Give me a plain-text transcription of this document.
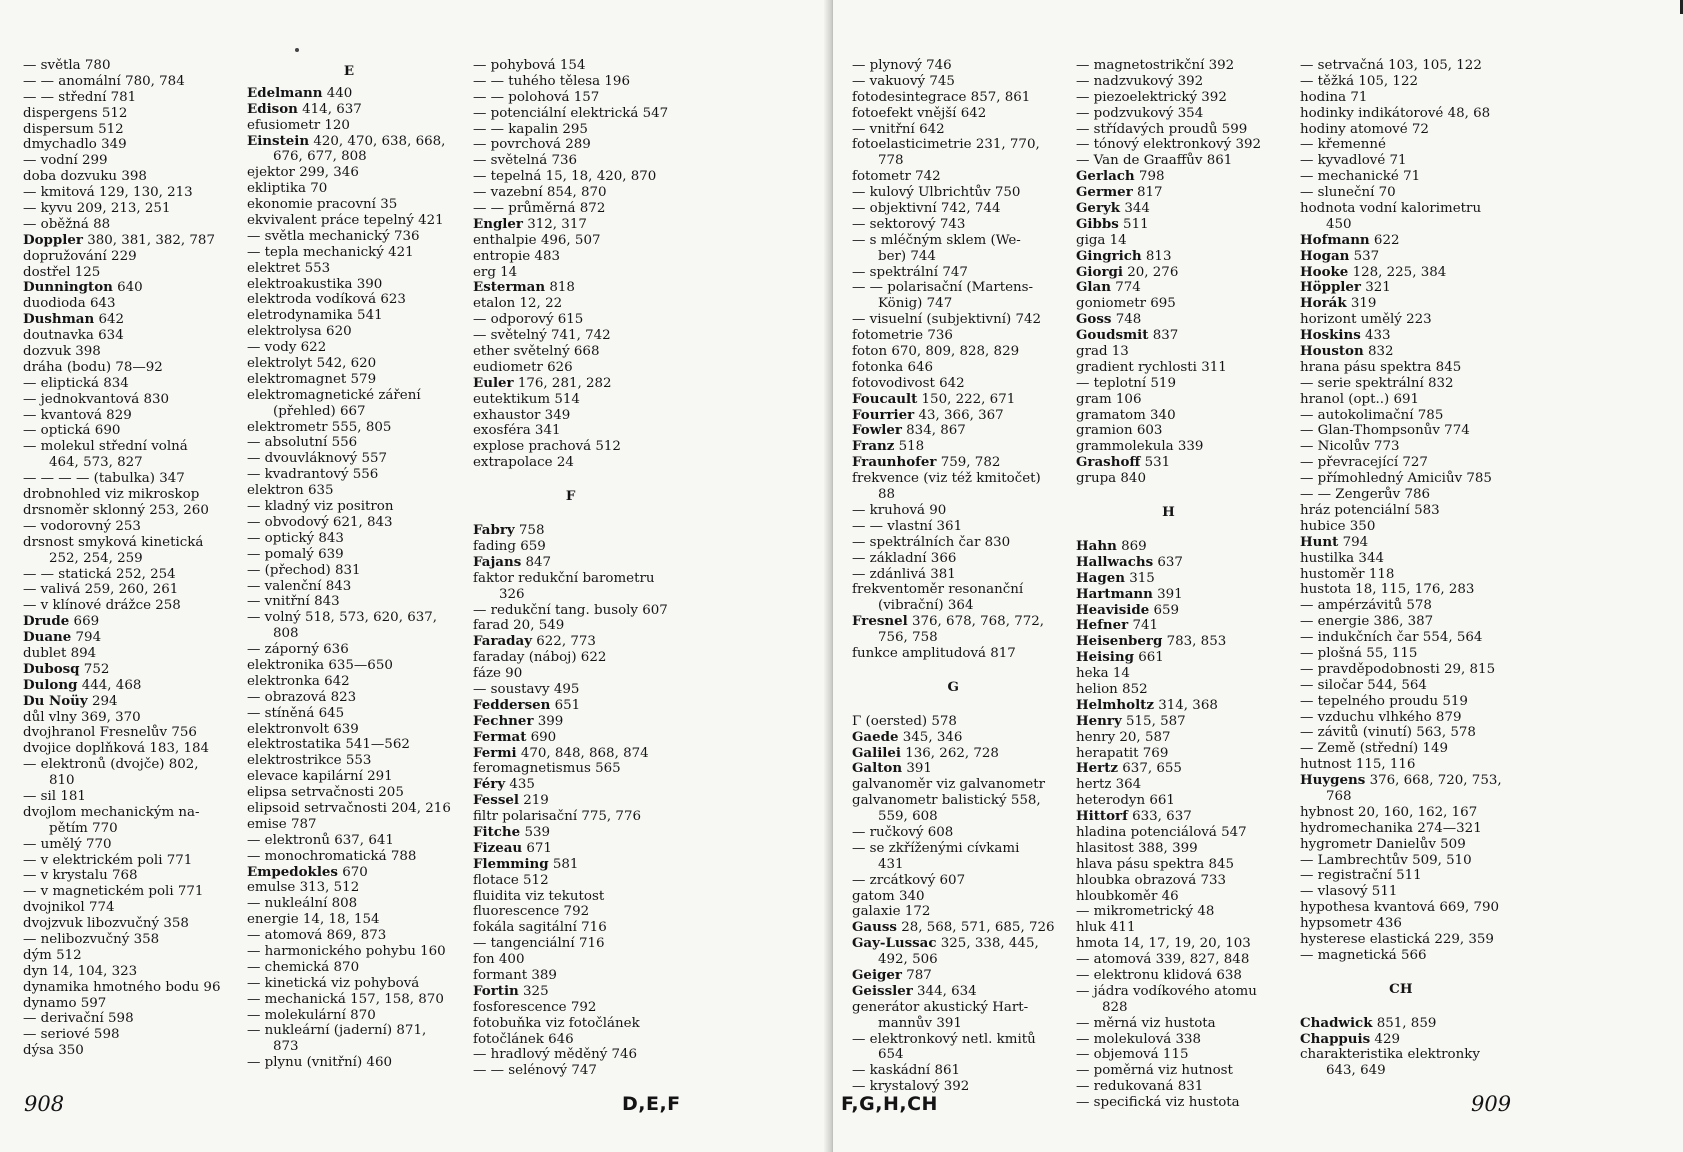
— světla 780
— — anomální 780, 784
— — střední 781
dispergens 512
dispersum 512
dmychadlo 349
— vodní 299
doba dozvuku 398
— kmitová 129, 130, 213
— kyvu 209, 213, 251
— oběžná 88
Doppler 380, 381, 382, 787
dopružování 229
dostřel 125
Dunnington 640
duodioda 643
Dushman 642
doutnavka 634
dozvuk 398
dráha (bodu) 78—92
— eliptická 834
— jednokvantová 830
— kvantová 829
— optická 690
— molekul střední volná
464, 573, 827
— — — — (tabulka) 347
drobnohled viz mikroskop
drsnoměr sklonný 253, 260
— vodorovný 253
drsnost smyková kinetická
252, 254, 259
— — statická 252, 254
— valivá 259, 260, 261
— v klínové drážce 258
Drude 669
Duane 794
dublet 894
Dubosq 752
Dulong 444, 468
Du Noüy 294
důl vlny 369, 370
dvojhranol Fresnelův 756
dvojice doplňková 183, 184
— elektronů (dvojče) 802,
810
— sil 181
dvojlom mechanickým na-
pětím 770
— umělý 770
— v elektrickém poli 771
— v krystalu 768
— v magnetickém poli 771
dvojnikol 774
dvojzvuk libozvučný 358
— nelibozvučný 358
dým 512
dyn 14, 104, 323
dynamika hmotného bodu 96
dynamo 597
— derivační 598
— seriové 598
dýsa 350
E
Edelmann 440
Edison 414, 637
efusiometr 120
Einstein 420, 470, 638, 668,
676, 677, 808
ejektor 299, 346
ekliptika 70
ekonomie pracovní 35
ekvivalent práce tepelný 421
— světla mechanický 736
— tepla mechanický 421
elektret 553
elektroakustika 390
elektroda vodíková 623
eletrodynamika 541
elektrolysa 620
— vody 622
elektrolyt 542, 620
elektromagnet 579
elektromagnetické záření
(přehled) 667
elektrometr 555, 805
— absolutní 556
— dvouvláknový 557
— kvadrantový 556
elektron 635
— kladný viz positron
— obvodový 621, 843
— optický 843
— pomalý 639
— (přechod) 831
— valenční 843
— vnitřní 843
— volný 518, 573, 620, 637,
808
— záporný 636
elektronika 635—650
elektronka 642
— obrazová 823
— stíněná 645
elektronvolt 639
elektrostatika 541—562
elektrostrikce 553
elevace kapilární 291
elipsa setrvačnosti 205
elipsoid setrvačnosti 204, 216
emise 787
— elektronů 637, 641
— monochromatická 788
Empedokles 670
emulse 313, 512
— nukleální 808
energie 14, 18, 154
— atomová 869, 873
— harmonického pohybu 160
— chemická 870
— kinetická viz pohybová
— mechanická 157, 158, 870
— molekulární 870
— nukleární (jaderní) 871,
873
— plynu (vnitřní) 460
— pohybová 154
— — tuhého tělesa 196
— — polohová 157
— potenciální elektrická 547
— — kapalin 295
— povrchová 289
— světelná 736
— tepelná 15, 18, 420, 870
— vazební 854, 870
— — průměrná 872
Engler 312, 317
enthalpie 496, 507
entropie 483
erg 14
Esterman 818
etalon 12, 22
— odporový 615
— světelný 741, 742
ether světelný 668
eudiometr 626
Euler 176, 281, 282
eutektikum 514
exhaustor 349
exosféra 341
explose prachová 512
extrapolace 24
F
Fabry 758
fading 659
Fajans 847
faktor redukční barometru
326
— redukční tang. busoly 607
farad 20, 549
Faraday 622, 773
faraday (náboj) 622
fáze 90
— soustavy 495
Feddersen 651
Fechner 399
Fermat 690
Fermi 470, 848, 868, 874
feromagnetismus 565
Féry 435
Fessel 219
filtr polarisační 775, 776
Fitche 539
Fizeau 671
Flemming 581
flotace 512
fluidita viz tekutost
fluorescence 792
fokála sagitální 716
— tangenciální 716
fon 400
formant 389
Fortin 325
fosforescence 792
fotobuňka viz fotočlánek
fotočlánek 646
— hradlový měděný 746
— — selénový 747
908	D,E,F
— plynový 746
— vakuový 745
fotodesintegrace 857, 861
fotoefekt vnější 642
— vnitřní 642
fotoelasticimetrie 231, 770,
778
fotometr 742
— kulový Ulbrichtův 750
— objektivní 742, 744
— sektorový 743
— s mléčným sklem (We-
ber) 744
— spektrální 747
— — polarisační (Martens-
König) 747
— visuelní (subjektivní) 742
fotometrie 736
foton 670, 809, 828, 829
fotonka 646
fotovodivost 642
Foucault 150, 222, 671
Fourrier 43, 366, 367
Fowler 834, 867
Franz 518
Fraunhofer 759, 782
frekvence (viz též kmitočet)
88
— kruhová 90
— — vlastní 361
— spektrálních čar 830
— základní 366
— zdánlivá 381
frekventoměr resonanční
(vibrační) 364
Fresnel 376, 678, 768, 772,
756, 758
funkce amplitudová 817
G
Γ (oersted) 578
Gaede 345, 346
Galilei 136, 262, 728
Galton 391
galvanoměr viz galvanometr
galvanometr balistický 558,
559, 608
— ručkový 608
— se zkříženými cívkami
431
— zrcátkový 607
gatom 340
galaxie 172
Gauss 28, 568, 571, 685, 726
Gay-Lussac 325, 338, 445,
492, 506
Geiger 787
Geissler 344, 634
generátor akustický Hart-
mannův 391
— elektronkový netl. kmitů
654
— kaskádní 861
— krystalový 392
— magnetostrikční 392
— nadzvukový 392
— piezoelektrický 392
— podzvukový 354
— střídavých proudů 599
— tónový elektronkový 392
— Van de Graaffův 861
Gerlach 798
Germer 817
Geryk 344
Gibbs 511
giga 14
Gingrich 813
Giorgi 20, 276
Glan 774
goniometr 695
Goss 748
Goudsmit 837
grad 13
gradient rychlosti 311
— teplotní 519
gram 106
gramatom 340
gramion 603
grammolekula 339
Grashoff 531
grupa 840
H
Hahn 869
Hallwachs 637
Hagen 315
Hartmann 391
Heaviside 659
Hefner 741
Heisenberg 783, 853
Heising 661
heka 14
helion 852
Helmholtz 314, 368
Henry 515, 587
henry 20, 587
herapatit 769
Hertz 637, 655
hertz 364
heterodyn 661
Hittorf 633, 637
hladina potenciálová 547
hlasitost 388, 399
hlava pásu spektra 845
hloubka obrazová 733
hloubkoměr 46
— mikrometrický 48
hluk 411
hmota 14, 17, 19, 20, 103
— atomová 339, 827, 848
— elektronu klidová 638
— jádra vodíkového atomu
828
— měrná viz hustota
— molekulová 338
— objemová 115
— poměrná viz hutnost
— redukovaná 831
— specifická viz hustota
— setrvačná 103, 105, 122
— těžká 105, 122
hodina 71
hodinky indikátorové 48, 68
hodiny atomové 72
— křemenné
— kyvadlové 71
— mechanické 71
— sluneční 70
hodnota vodní kalorimetru
450
Hofmann 622
Hogan 537
Hooke 128, 225, 384
Höppler 321
Horák 319
horizont umělý 223
Hoskins 433
Houston 832
hrana pásu spektra 845
— serie spektrální 832
hranol (opt..) 691
— autokolimační 785
— Glan-Thompsonův 774
— Nicolův 773
— převracející 727
— přímohledný Amiciův 785
— — Zengerův 786
hráz potenciální 583
hubice 350
Hunt 794
hustilka 344
hustoměr 118
hustota 18, 115, 176, 283
— ampérzávitů 578
— energie 386, 387
— indukčních čar 554, 564
— plošná 55, 115
— pravděpodobnosti 29, 815
— siločar 544, 564
— tepelného proudu 519
— vzduchu vlhkého 879
— závitů (vinutí) 563, 578
— Země (střední) 149
hutnost 115, 116
Huygens 376, 668, 720, 753,
768
hybnost 20, 160, 162, 167
hydromechanika 274—321
hygrometr Danielův 509
— Lambrechtův 509, 510
— registrační 511
— vlasový 511
hypothesa kvantová 669, 790
hypsometr 436
hysterese elastická 229, 359
— magnetická 566
CH
Chadwick 851, 859
Chappuis 429
charakteristika elektronky
643, 649
F,G,H,CH	909
